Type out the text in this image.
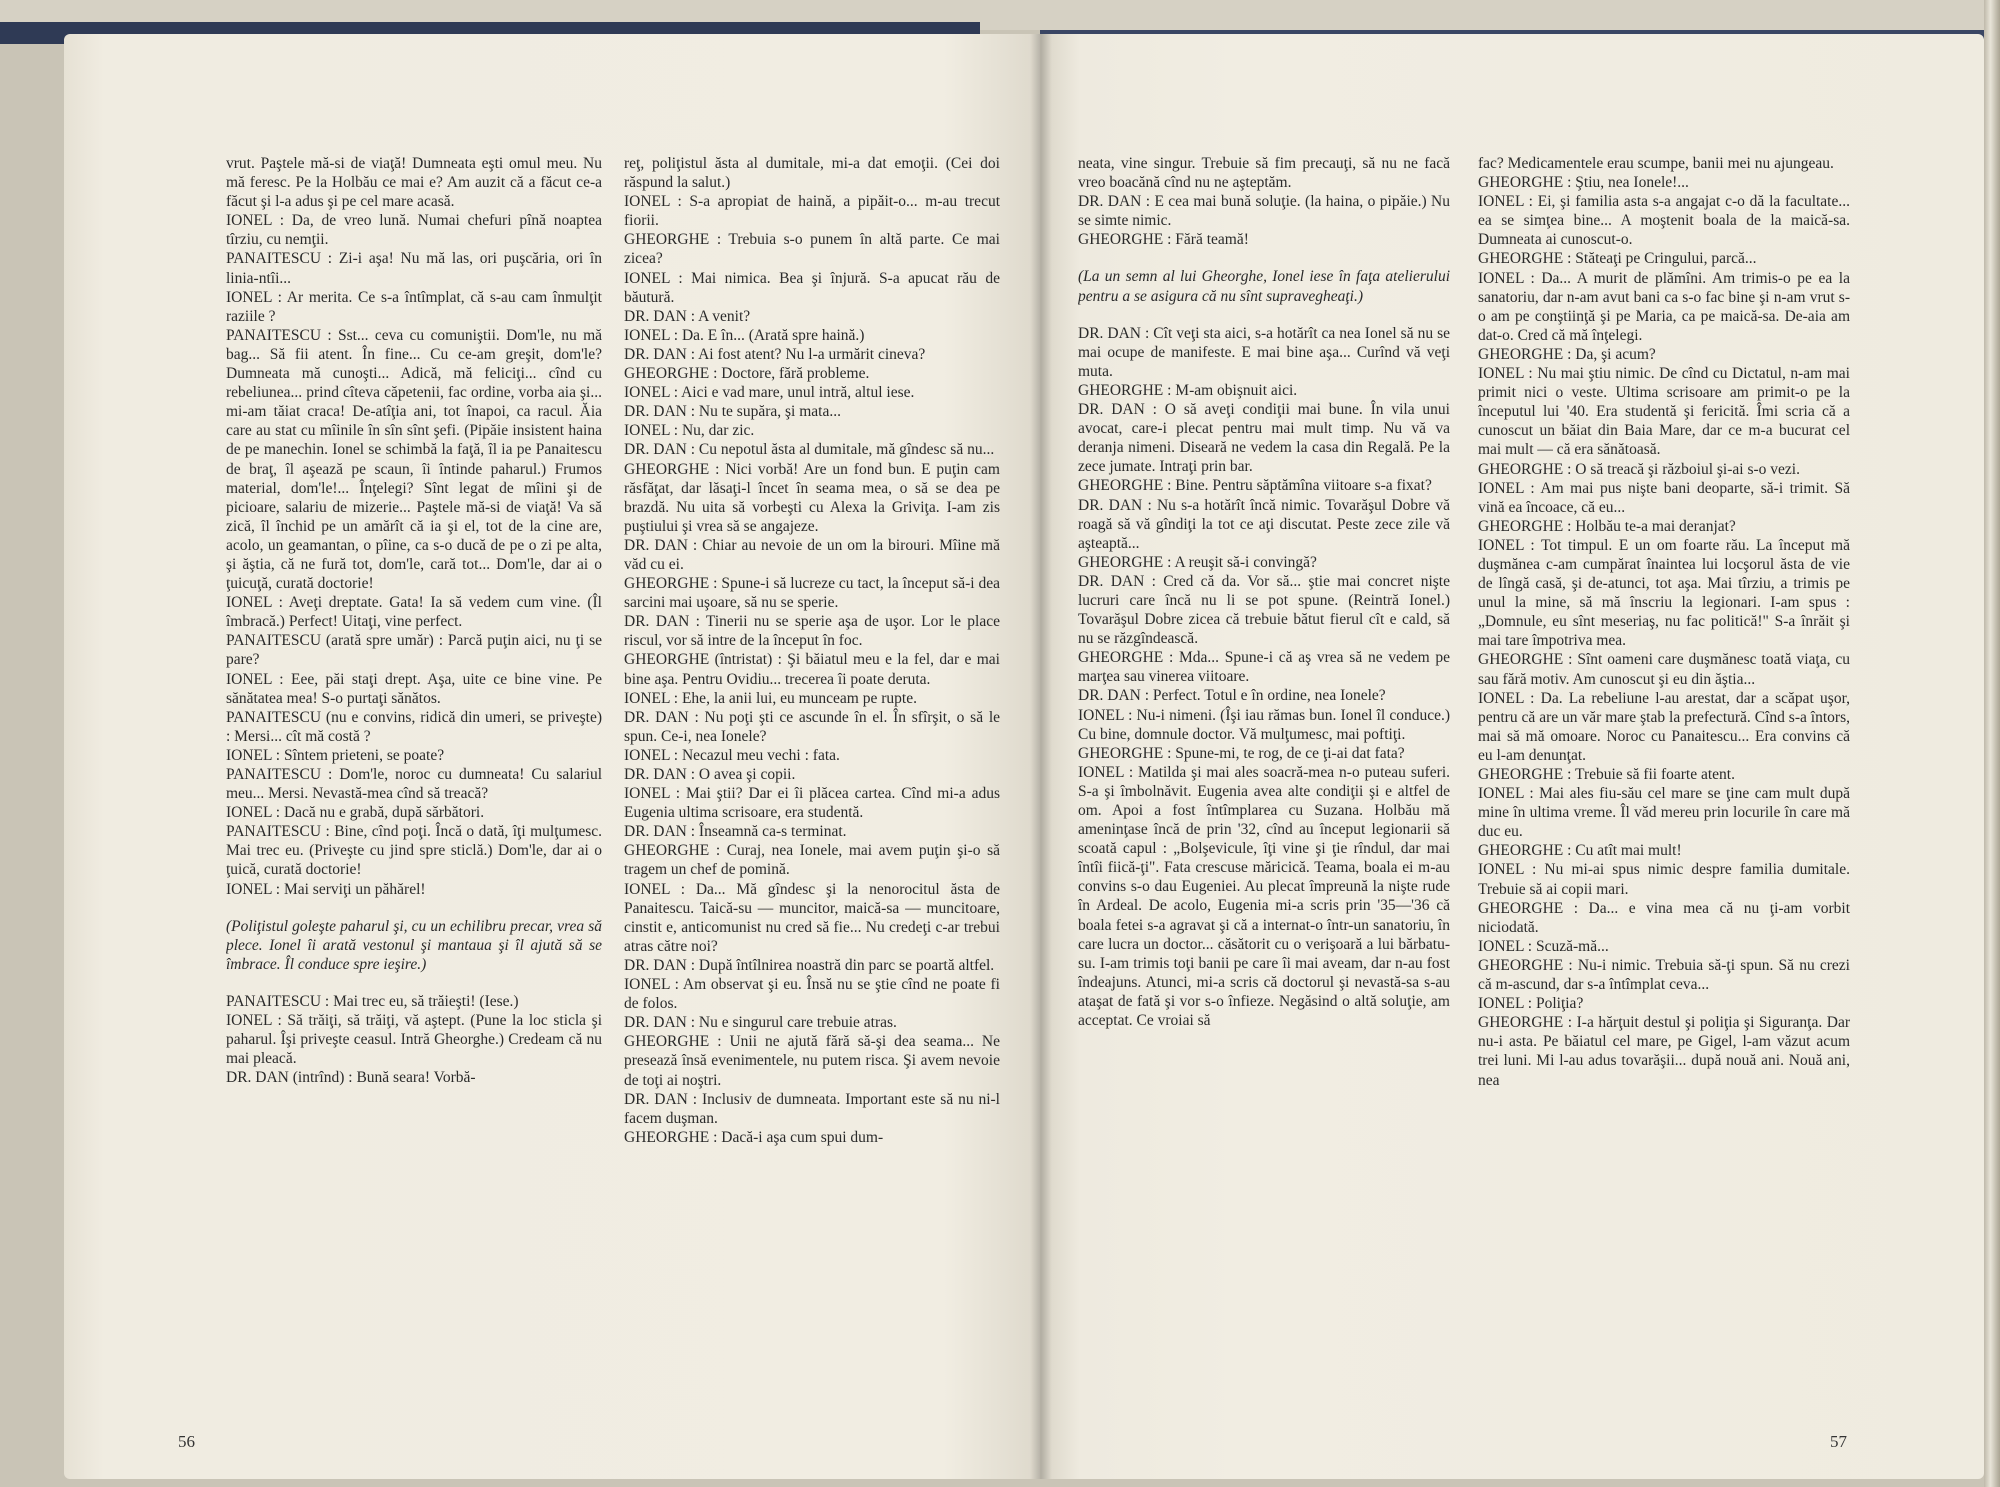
vrut. Paştele mă-si de viaţă! Dumneata eşti omul meu. Nu mă feresc. Pe la Holbău ce mai e? Am auzit că a făcut ce-a făcut şi l-a adus şi pe cel mare acasă.

IONEL : Da, de vreo lună. Numai chefuri pînă noaptea tîrziu, cu nemţii.

PANAITESCU : Zi-i aşa! Nu mă las, ori puşcăria, ori în linia-ntîi...

IONEL : Ar merita. Ce s-a întîmplat, că s-au cam înmulţit raziile ?

PANAITESCU : Sst... ceva cu comuniştii. Dom'le, nu mă bag... Să fii atent. În fine... Cu ce-am greşit, dom'le? Dumneata mă cunoşti... Adică, mă feliciţi... cînd cu rebeliunea... prind cîteva căpetenii, fac ordine, vorba aia şi... mi-am tăiat craca! De-atîţia ani, tot înapoi, ca racul. Ăia care au stat cu mîinile în sîn sînt şefi. (Pipăie insistent haina de pe manechin. Ionel se schimbă la faţă, îl ia pe Panaitescu de braţ, îl aşează pe scaun, îi întinde paharul.) Frumos material, dom'le!... Înţelegi? Sînt legat de mîini şi de picioare, salariu de mizerie... Paştele mă-si de viaţă! Va să zică, îl închid pe un amărît că ia şi el, tot de la cine are, acolo, un geamantan, o pîine, ca s-o ducă de pe o zi pe alta, şi ăştia, că ne fură tot, dom'le, cară tot... Dom'le, dar ai o ţuicuţă, curată doctorie!

IONEL : Aveţi dreptate. Gata! Ia să vedem cum vine. (Îl îmbracă.) Perfect! Uitaţi, vine perfect.

PANAITESCU (arată spre umăr) : Parcă puţin aici, nu ţi se pare?

IONEL : Eee, păi staţi drept. Aşa, uite ce bine vine. Pe sănătatea mea! S-o purtaţi sănătos.

PANAITESCU (nu e convins, ridică din umeri, se priveşte) : Mersi... cît mă costă ?

IONEL : Sîntem prieteni, se poate?

PANAITESCU : Dom'le, noroc cu dumneata! Cu salariul meu... Mersi. Nevastă-mea cînd să treacă?

IONEL : Dacă nu e grabă, după sărbători.

PANAITESCU : Bine, cînd poţi. Încă o dată, îţi mulţumesc. Mai trec eu. (Priveşte cu jind spre sticlă.) Dom'le, dar ai o ţuică, curată doctorie!

IONEL : Mai serviţi un păhărel!

(Poliţistul goleşte paharul şi, cu un echilibru precar, vrea să plece. Ionel îi arată vestonul şi mantaua şi îl ajută să se îmbrace. Îl conduce spre ieşire.)

PANAITESCU : Mai trec eu, să trăieşti! (Iese.)

IONEL : Să trăiţi, să trăiţi, vă aştept. (Pune la loc sticla şi paharul. Îşi priveşte ceasul. Intră Gheorghe.) Credeam că nu mai pleacă.

DR. DAN (intrînd) : Bună seara! Vorbă-

reţ, poliţistul ăsta al dumitale, mi-a dat emoţii. (Cei doi răspund la salut.)

IONEL : S-a apropiat de haină, a pipăit-o... m-au trecut fiorii.

GHEORGHE : Trebuia s-o punem în altă parte. Ce mai zicea?

IONEL : Mai nimica. Bea şi înjură. S-a apucat rău de băutură.

DR. DAN : A venit?

IONEL : Da. E în... (Arată spre haină.)

DR. DAN : Ai fost atent? Nu l-a urmărit cineva?

GHEORGHE : Doctore, fără probleme.

IONEL : Aici e vad mare, unul intră, altul iese.

DR. DAN : Nu te supăra, şi mata...

IONEL : Nu, dar zic.

DR. DAN : Cu nepotul ăsta al dumitale, mă gîndesc să nu...

GHEORGHE : Nici vorbă! Are un fond bun. E puţin cam răsfăţat, dar lăsaţi-l încet în seama mea, o să se dea pe brazdă. Nu uita să vorbeşti cu Alexa la Griviţa. I-am zis puştiului şi vrea să se angajeze.

DR. DAN : Chiar au nevoie de un om la birouri. Mîine mă văd cu ei.

GHEORGHE : Spune-i să lucreze cu tact, la început să-i dea sarcini mai uşoare, să nu se sperie.

DR. DAN : Tinerii nu se sperie aşa de uşor. Lor le place riscul, vor să intre de la început în foc.

GHEORGHE (întristat) : Şi băiatul meu e la fel, dar e mai bine aşa. Pentru Ovidiu... trecerea îi poate deruta.

IONEL : Ehe, la anii lui, eu munceam pe rupte.

DR. DAN : Nu poţi şti ce ascunde în el. În sfîrşit, o să le spun. Ce-i, nea Ionele?

IONEL : Necazul meu vechi : fata.

DR. DAN : O avea şi copii.

IONEL : Mai ştii? Dar ei îi plăcea cartea. Cînd mi-a adus Eugenia ultima scrisoare, era studentă.

DR. DAN : Înseamnă ca-s terminat.

GHEORGHE : Curaj, nea Ionele, mai avem puţin şi-o să tragem un chef de pomină.

IONEL : Da... Mă gîndesc şi la nenorocitul ăsta de Panaitescu. Taică-su — muncitor, maică-sa — muncitoare, cinstit e, anticomunist nu cred să fie... Nu credeţi c-ar trebui atras către noi?

DR. DAN : După întîlnirea noastră din parc se poartă altfel.

IONEL : Am observat şi eu. Însă nu se ştie cînd ne poate fi de folos.

DR. DAN : Nu e singurul care trebuie atras.

GHEORGHE : Unii ne ajută fără să-şi dea seama... Ne presează însă evenimentele, nu putem risca. Şi avem nevoie de toţi ai noştri.

DR. DAN : Inclusiv de dumneata. Important este să nu ni-l facem duşman.

GHEORGHE : Dacă-i aşa cum spui dum-

56

neata, vine singur. Trebuie să fim precauţi, să nu ne facă vreo boacănă cînd nu ne aşteptăm.

DR. DAN : E cea mai bună soluţie. (la haina, o pipăie.) Nu se simte nimic.

GHEORGHE : Fără teamă!

(La un semn al lui Gheorghe, Ionel iese în faţa atelierului pentru a se asigura că nu sînt supravegheaţi.)

DR. DAN : Cît veţi sta aici, s-a hotărît ca nea Ionel să nu se mai ocupe de manifeste. E mai bine aşa... Curînd vă veţi muta.

GHEORGHE : M-am obişnuit aici.

DR. DAN : O să aveţi condiţii mai bune. În vila unui avocat, care-i plecat pentru mai mult timp. Nu vă va deranja nimeni. Diseară ne vedem la casa din Regală. Pe la zece jumate. Intraţi prin bar.

GHEORGHE : Bine. Pentru săptămîna viitoare s-a fixat?

DR. DAN : Nu s-a hotărît încă nimic. Tovarăşul Dobre vă roagă să vă gîndiţi la tot ce aţi discutat. Peste zece zile vă aşteaptă...

GHEORGHE : A reuşit să-i convingă?

DR. DAN : Cred că da. Vor să... ştie mai concret nişte lucruri care încă nu li se pot spune. (Reintră Ionel.) Tovarăşul Dobre zicea că trebuie bătut fierul cît e cald, să nu se răzgîndească.

GHEORGHE : Mda... Spune-i că aş vrea să ne vedem pe marţea sau vinerea viitoare.

DR. DAN : Perfect. Totul e în ordine, nea Ionele?

IONEL : Nu-i nimeni. (Îşi iau rămas bun. Ionel îl conduce.) Cu bine, domnule doctor. Vă mulţumesc, mai poftiţi.

GHEORGHE : Spune-mi, te rog, de ce ţi-ai dat fata?

IONEL : Matilda şi mai ales soacră-mea n-o puteau suferi. S-a şi îmbolnăvit. Eugenia avea alte condiţii şi e altfel de om. Apoi a fost întîmplarea cu Suzana. Holbău mă ameninţase încă de prin '32, cînd au început legionarii să scoată capul : „Bolşevicule, îţi vine şi ţie rîndul, dar mai întîi fiică-ţi". Fata crescuse măricică. Teama, boala ei m-au convins s-o dau Eugeniei. Au plecat împreună la nişte rude în Ardeal. De acolo, Eugenia mi-a scris prin '35—'36 că boala fetei s-a agravat şi că a internat-o într-un sanatoriu, în care lucra un doctor... căsătorit cu o verişoară a lui bărbatu-su. I-am trimis toţi banii pe care îi mai aveam, dar n-au fost îndeajuns. Atunci, mi-a scris că doctorul şi nevastă-sa s-au ataşat de fată şi vor s-o înfieze. Negăsind o altă soluţie, am acceptat. Ce vroiai să

fac? Medicamentele erau scumpe, banii mei nu ajungeau.

GHEORGHE : Ştiu, nea Ionele!...

IONEL : Ei, şi familia asta s-a angajat c-o dă la facultate... ea se simţea bine... A moştenit boala de la maică-sa. Dumneata ai cunoscut-o.

GHEORGHE : Stăteaţi pe Cringului, parcă...

IONEL : Da... A murit de plămîni. Am trimis-o pe ea la sanatoriu, dar n-am avut bani ca s-o fac bine şi n-am vrut s-o am pe conştiinţă şi pe Maria, ca pe maică-sa. De-aia am dat-o. Cred că mă înţelegi.

GHEORGHE : Da, şi acum?

IONEL : Nu mai ştiu nimic. De cînd cu Dictatul, n-am mai primit nici o veste. Ultima scrisoare am primit-o pe la începutul lui '40. Era studentă şi fericită. Îmi scria că a cunoscut un băiat din Baia Mare, dar ce m-a bucurat cel mai mult — că era sănătoasă.

GHEORGHE : O să treacă şi războiul şi-ai s-o vezi.

IONEL : Am mai pus nişte bani deoparte, să-i trimit. Să vină ea încoace, că eu...

GHEORGHE : Holbău te-a mai deranjat?

IONEL : Tot timpul. E un om foarte rău. La început mă duşmănea c-am cumpărat înaintea lui locşorul ăsta de vie de lîngă casă, şi de-atunci, tot aşa. Mai tîrziu, a trimis pe unul la mine, să mă înscriu la legionari. I-am spus : „Domnule, eu sînt meseriaş, nu fac politică!" S-a înrăit şi mai tare împotriva mea.

GHEORGHE : Sînt oameni care duşmănesc toată viaţa, cu sau fără motiv. Am cunoscut şi eu din ăştia...

IONEL : Da. La rebeliune l-au arestat, dar a scăpat uşor, pentru că are un văr mare ştab la prefectură. Cînd s-a întors, mai să mă omoare. Noroc cu Panaitescu... Era convins că eu l-am denunţat.

GHEORGHE : Trebuie să fii foarte atent.

IONEL : Mai ales fiu-său cel mare se ţine cam mult după mine în ultima vreme. Îl văd mereu prin locurile în care mă duc eu.

GHEORGHE : Cu atît mai mult!

IONEL : Nu mi-ai spus nimic despre familia dumitale. Trebuie să ai copii mari.

GHEORGHE : Da... e vina mea că nu ţi-am vorbit niciodată.

IONEL : Scuză-mă...

GHEORGHE : Nu-i nimic. Trebuia să-ţi spun. Să nu crezi că m-ascund, dar s-a întîmplat ceva...

IONEL : Poliţia?

GHEORGHE : I-a hărţuit destul şi poliţia şi Siguranţa. Dar nu-i asta. Pe băiatul cel mare, pe Gigel, l-am văzut acum trei luni. Mi l-au adus tovarăşii... după nouă ani. Nouă ani, nea

57
